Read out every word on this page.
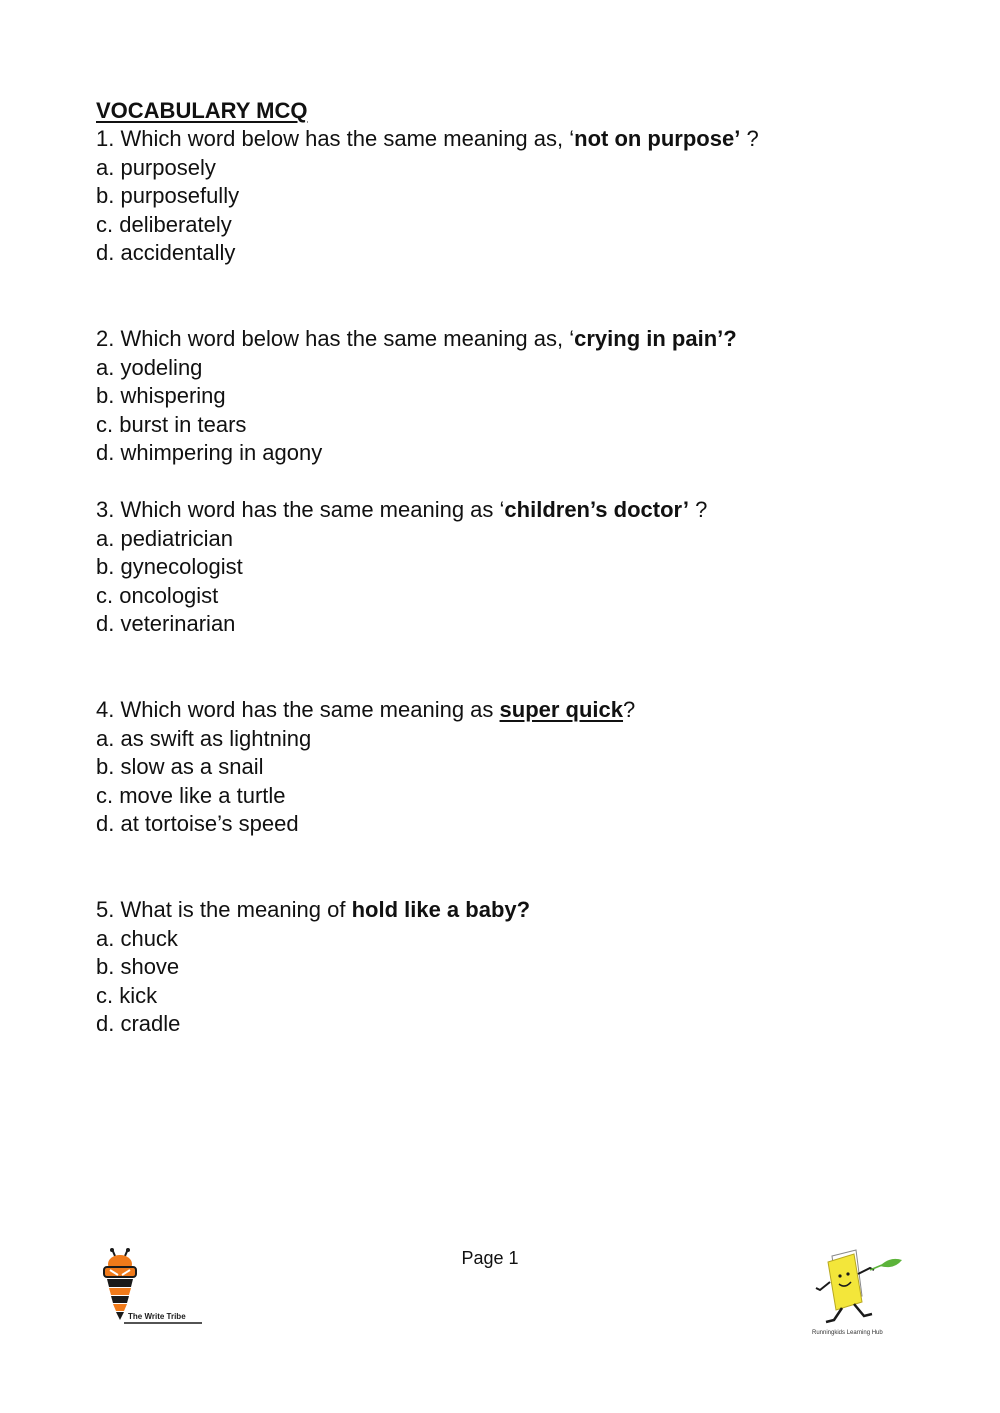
VOCABULARY MCQ
1. Which word below has the same meaning as, ‘not on purpose’ ?
a. purposely
b. purposefully
c. deliberately
d. accidentally
2. Which word below has the same meaning as, ‘crying in pain’?
a. yodeling
b. whispering
c. burst in tears
d. whimpering in agony
3. Which word has the same meaning as ‘children’s doctor’ ?
a. pediatrician
b. gynecologist
c. oncologist
d. veterinarian
4. Which word has the same meaning as super quick?
a. as swift as lightning
b. slow as a snail
c. move like a turtle
d. at tortoise’s speed
5. What is the meaning of hold like a baby?
a. chuck
b. shove
c. kick
d. cradle
Page 1
The Write Tribe
Runningkids Learning Hub
